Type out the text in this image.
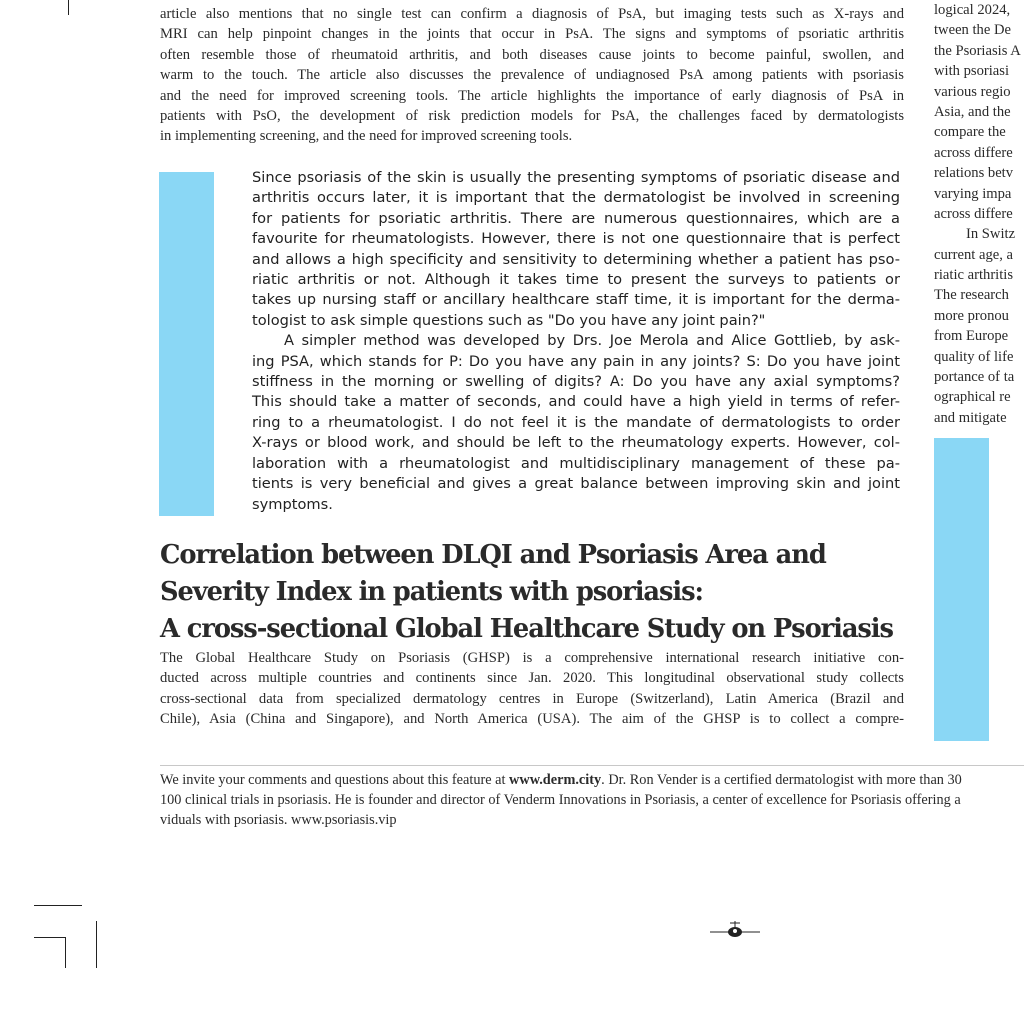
article also mentions that no single test can confirm a diagnosis of PsA, but imaging tests such as X-rays and
MRI can help pinpoint changes in the joints that occur in PsA. The signs and symptoms of psoriatic arthritis
often resemble those of rheumatoid arthritis, and both diseases cause joints to become painful, swollen, and
warm to the touch. The article also discusses the prevalence of undiagnosed PsA among patients with psoriasis
and the need for improved screening tools. The article highlights the importance of early diagnosis of PsA in
patients with PsO, the development of risk prediction models for PsA, the challenges faced by dermatologists
in implementing screening, and the need for improved screening tools.
Since psoriasis of the skin is usually the presenting symptoms of psoriatic disease and
arthritis occurs later, it is important that the dermatologist be involved in screening
for patients for psoriatic arthritis. There are numerous questionnaires, which are a
favourite for rheumatologists. However, there is not one questionnaire that is perfect
and allows a high specificity and sensitivity to determining whether a patient has pso-
riatic arthritis or not. Although it takes time to present the surveys to patients or
takes up nursing staff or ancillary healthcare staff time, it is important for the derma-
tologist to ask simple questions such as "Do you have any joint pain?"
A simpler method was developed by Drs. Joe Merola and Alice Gottlieb, by ask-
ing PSA, which stands for P: Do you have any pain in any joints? S: Do you have joint
stiffness in the morning or swelling of digits? A: Do you have any axial symptoms?
This should take a matter of seconds, and could have a high yield in terms of refer-
ring to a rheumatologist. I do not feel it is the mandate of dermatologists to order
X-rays or blood work, and should be left to the rheumatology experts. However, col-
laboration with a rheumatologist and multidisciplinary management of these pa-
tients is very beneficial and gives a great balance between improving skin and joint
symptoms.
Correlation between DLQI and Psoriasis Area and
Severity Index in patients with psoriasis:
A cross-sectional Global Healthcare Study on Psoriasis
The Global Healthcare Study on Psoriasis (GHSP) is a comprehensive international research initiative con-
ducted across multiple countries and continents since Jan. 2020. This longitudinal observational study collects
cross-sectional data from specialized dermatology centres in Europe (Switzerland), Latin America (Brazil and
Chile), Asia (China and Singapore), and North America (USA). The aim of the GHSP is to collect a compre-
logical 2024,
tween the De
the Psoriasis A
with psoriasi
various regio
Asia, and the
compare the
across differe
relations betv
varying impa
across differe
In Switz
current age, a
riatic arthritis
The research
more pronou
from Europe
quality of life
portance of ta
ographical re
and mitigate
We invite your comments and questions about this feature at www.derm.city. Dr. Ron Vender is a certified dermatologist with more than 30
100 clinical trials in psoriasis. He is founder and director of Venderm Innovations in Psoriasis, a center of excellence for Psoriasis offering a
viduals with psoriasis. www.psoriasis.vip
